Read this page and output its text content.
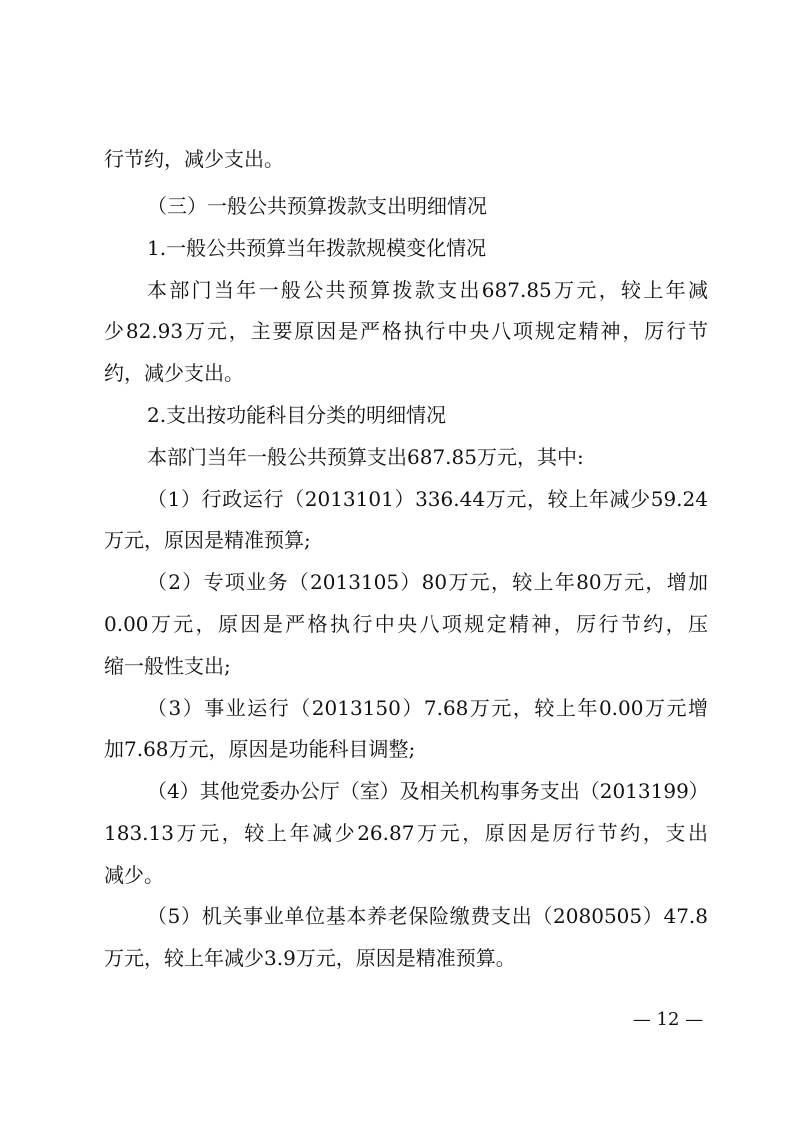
行节约，减少支出。
（三）一般公共预算拨款支出明细情况
1.一般公共预算当年拨款规模变化情况
本部门当年一般公共预算拨款支出687.85万元，较上年减
少82.93万元，主要原因是严格执行中央八项规定精神，厉行节
约，减少支出。
2.支出按功能科目分类的明细情况
本部门当年一般公共预算支出687.85万元，其中:
（1）行政运行（2013101）336.44万元，较上年减少59.24
万元，原因是精准预算;
（2）专项业务（2013105）80万元，较上年80万元，增加
0.00万元，原因是严格执行中央八项规定精神，厉行节约，压
缩一般性支出;
（3）事业运行（2013150）7.68万元，较上年0.00万元增
加7.68万元，原因是功能科目调整;
（4）其他党委办公厅（室）及相关机构事务支出（2013199）
183.13万元，较上年减少26.87万元，原因是厉行节约，支出
减少。
（5）机关事业单位基本养老保险缴费支出（2080505）47.8
万元，较上年减少3.9万元，原因是精准预算。
— 12 —
